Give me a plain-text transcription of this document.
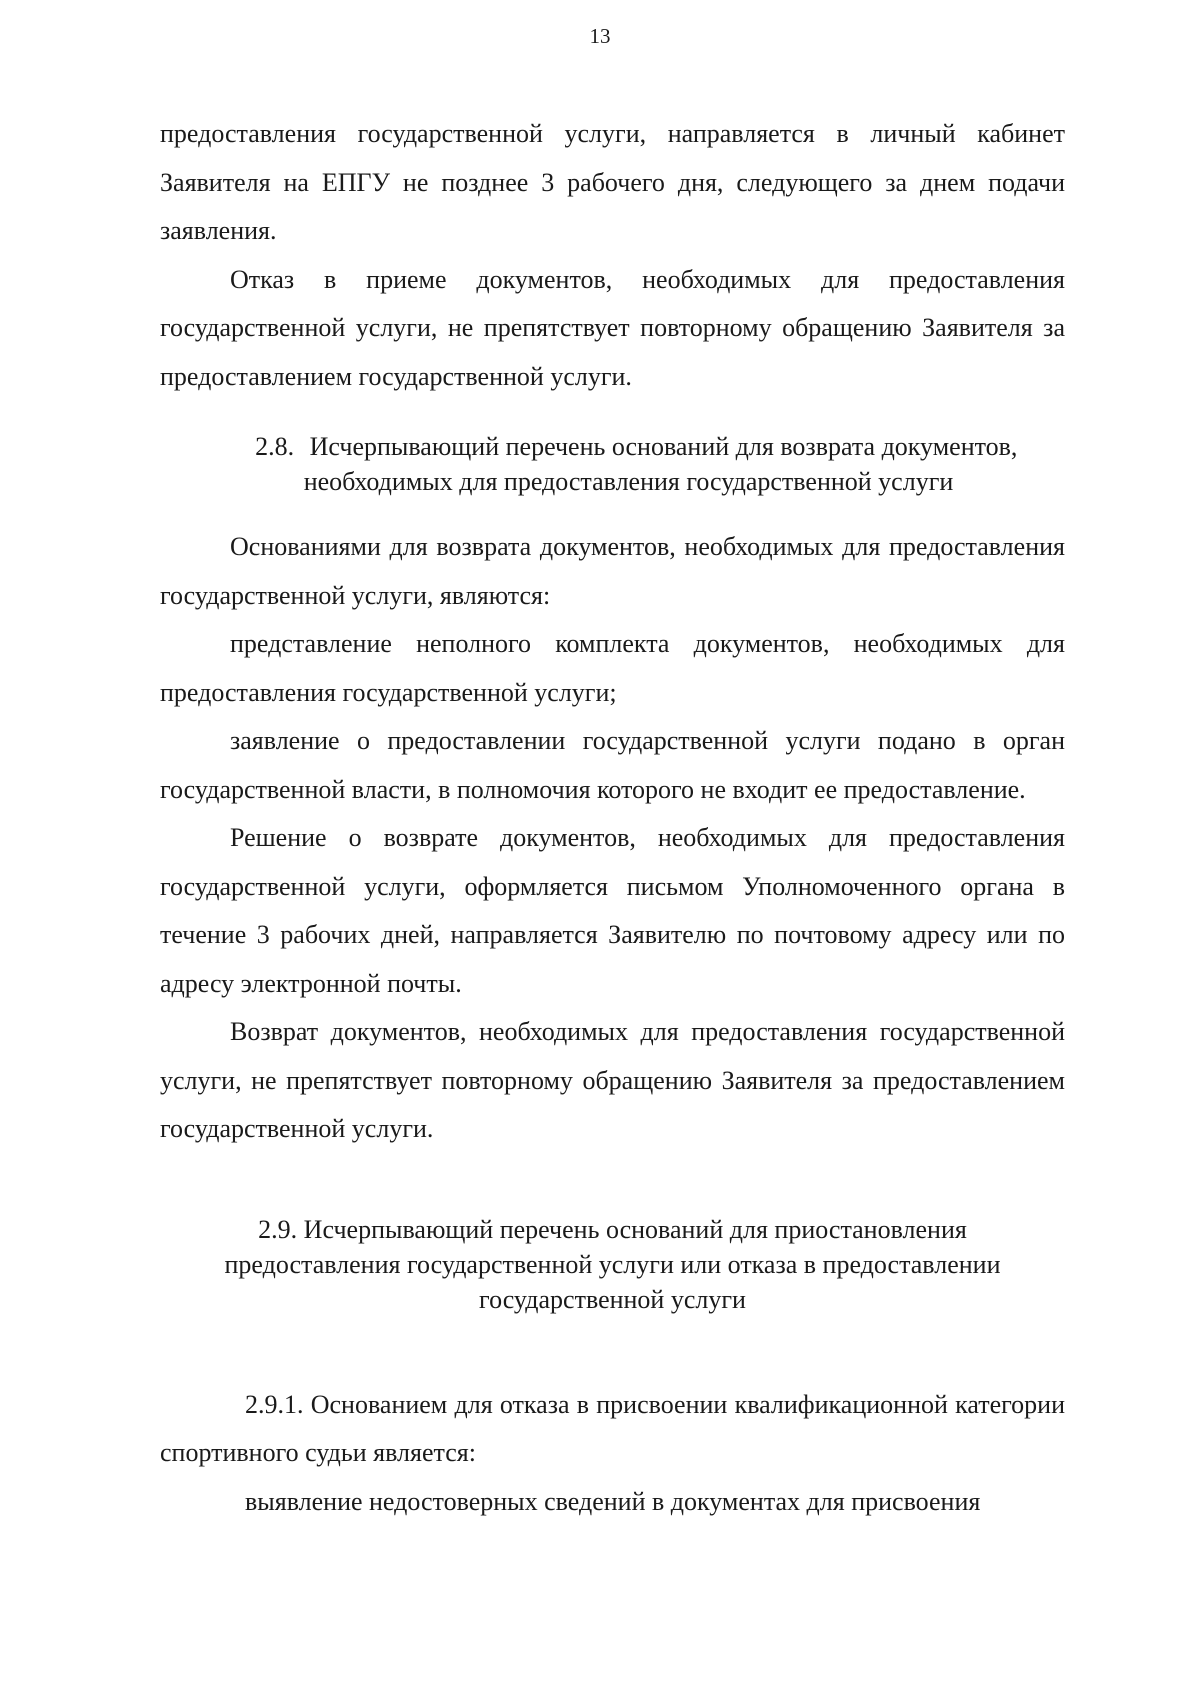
13

предоставления государственной услуги, направляется в личный кабинет Заявителя на ЕПГУ не позднее 3 рабочего дня, следующего за днем подачи заявления.

Отказ в приеме документов, необходимых для предоставления государственной услуги, не препятствует повторному обращению Заявителя за предоставлением государственной услуги.

2.8. Исчерпывающий перечень оснований для возврата документов,
необходимых для предоставления государственной услуги

Основаниями для возврата документов, необходимых для предоставления государственной услуги, являются:

представление неполного комплекта документов, необходимых для предоставления государственной услуги;

заявление о предоставлении государственной услуги подано в орган государственной власти, в полномочия которого не входит ее предоставление.

Решение о возврате документов, необходимых для предоставления государственной услуги, оформляется письмом Уполномоченного органа в течение 3 рабочих дней, направляется Заявителю по почтовому адресу или по адресу электронной почты.

Возврат документов, необходимых для предоставления государственной услуги, не препятствует повторному обращению Заявителя за предоставлением государственной услуги.

2.9. Исчерпывающий перечень оснований для приостановления
предоставления государственной услуги или отказа в предоставлении
государственной услуги

2.9.1. Основанием для отказа в присвоении квалификационной категории спортивного судьи является:

выявление недостоверных сведений в документах для присвоения
